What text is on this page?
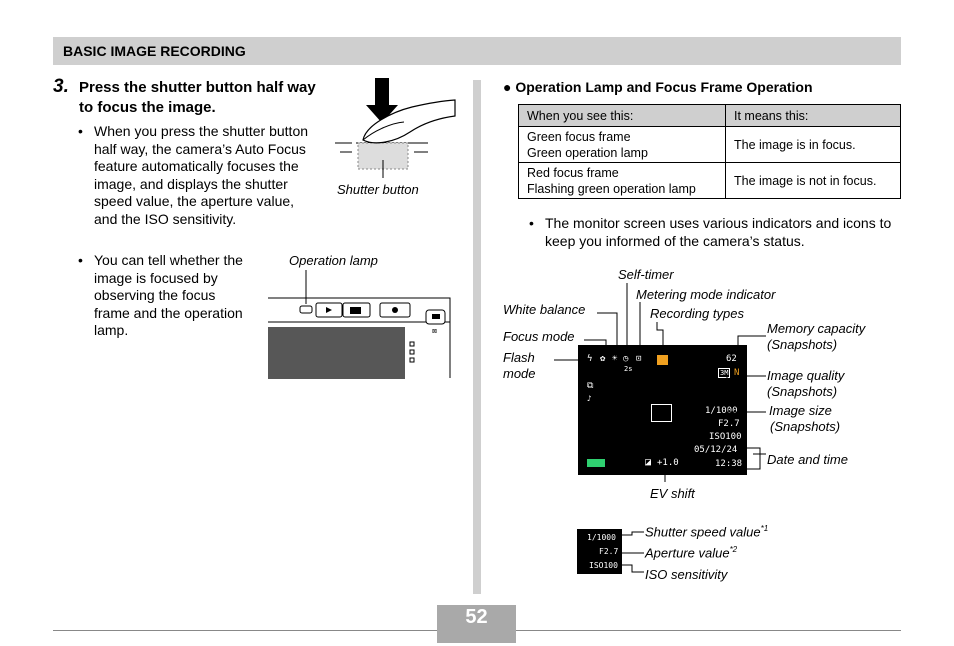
BASIC IMAGE RECORDING
3. Press the shutter button half way to focus the image.
• When you press the shutter button half way, the camera’s Auto Focus feature automatically focuses the image, and displays the shutter speed value, the aperture value, and the ISO sensitivity.
• You can tell whether the image is focused by observing the focus frame and the operation lamp.
Shutter button
Operation lamp
⊠
● Operation Lamp and Focus Frame Operation
When you see this:	It means this:
Green focus frame
Green operation lamp	The image is in focus.
Red focus frame
Flashing green operation lamp	The image is not in focus.
• The monitor screen uses various indicators and icons to keep you informed of the camera’s status.
ϟ ✿ ☀ ◷
2s
⊡	62
3M N
⧉
♪
1/1000
F2.7
ISO100
05/12/24
◪ +1.0	12:38
Self-timer
Metering mode indicator
White balance	Recording types
Focus mode
Memory capacity
(Snapshots)
Flash
mode	Image quality
(Snapshots)
Image size
(Snapshots)
Date and time
EV shift
1/1000
F2.7
ISO100
Shutter speed value$^{*1}$
Aperture value$^{*2}$
ISO sensitivity
52
